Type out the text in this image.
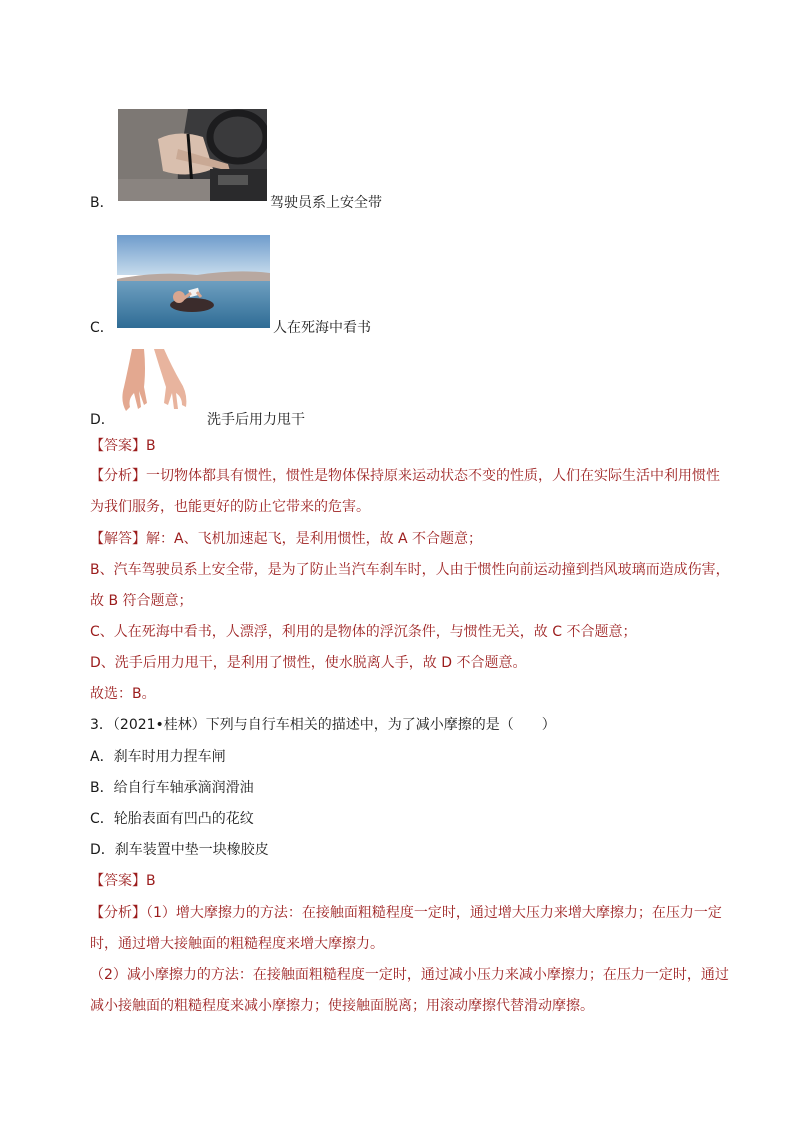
B．	驾驶员系上安全带
C．	人在死海中看书
D．	洗手后用力甩干
【答案】B
【分析】一切物体都具有惯性，惯性是物体保持原来运动状态不变的性质，人们在实际生活中利用惯性
为我们服务，也能更好的防止它带来的危害。
【解答】解：A、飞机加速起飞，是利用惯性，故 A 不合题意；
B、汽车驾驶员系上安全带，是为了防止当汽车刹车时，人由于惯性向前运动撞到挡风玻璃而造成伤害，
故 B 符合题意；
C、人在死海中看书，人漂浮，利用的是物体的浮沉条件，与惯性无关，故 C 不合题意；
D、洗手后用力甩干，是利用了惯性，使水脱离人手，故 D 不合题意。
故选：B。
3．（2021•桂林）下列与自行车相关的描述中，为了减小摩擦的是（　　）
A．刹车时用力捏车闸
B．给自行车轴承滴润滑油
C．轮胎表面有凹凸的花纹
D．刹车装置中垫一块橡胶皮
【答案】B
【分析】（1）增大摩擦力的方法：在接触面粗糙程度一定时，通过增大压力来增大摩擦力；在压力一定
时，通过增大接触面的粗糙程度来增大摩擦力。
（2）减小摩擦力的方法：在接触面粗糙程度一定时，通过减小压力来减小摩擦力；在压力一定时，通过
减小接触面的粗糙程度来减小摩擦力；使接触面脱离；用滚动摩擦代替滑动摩擦。
